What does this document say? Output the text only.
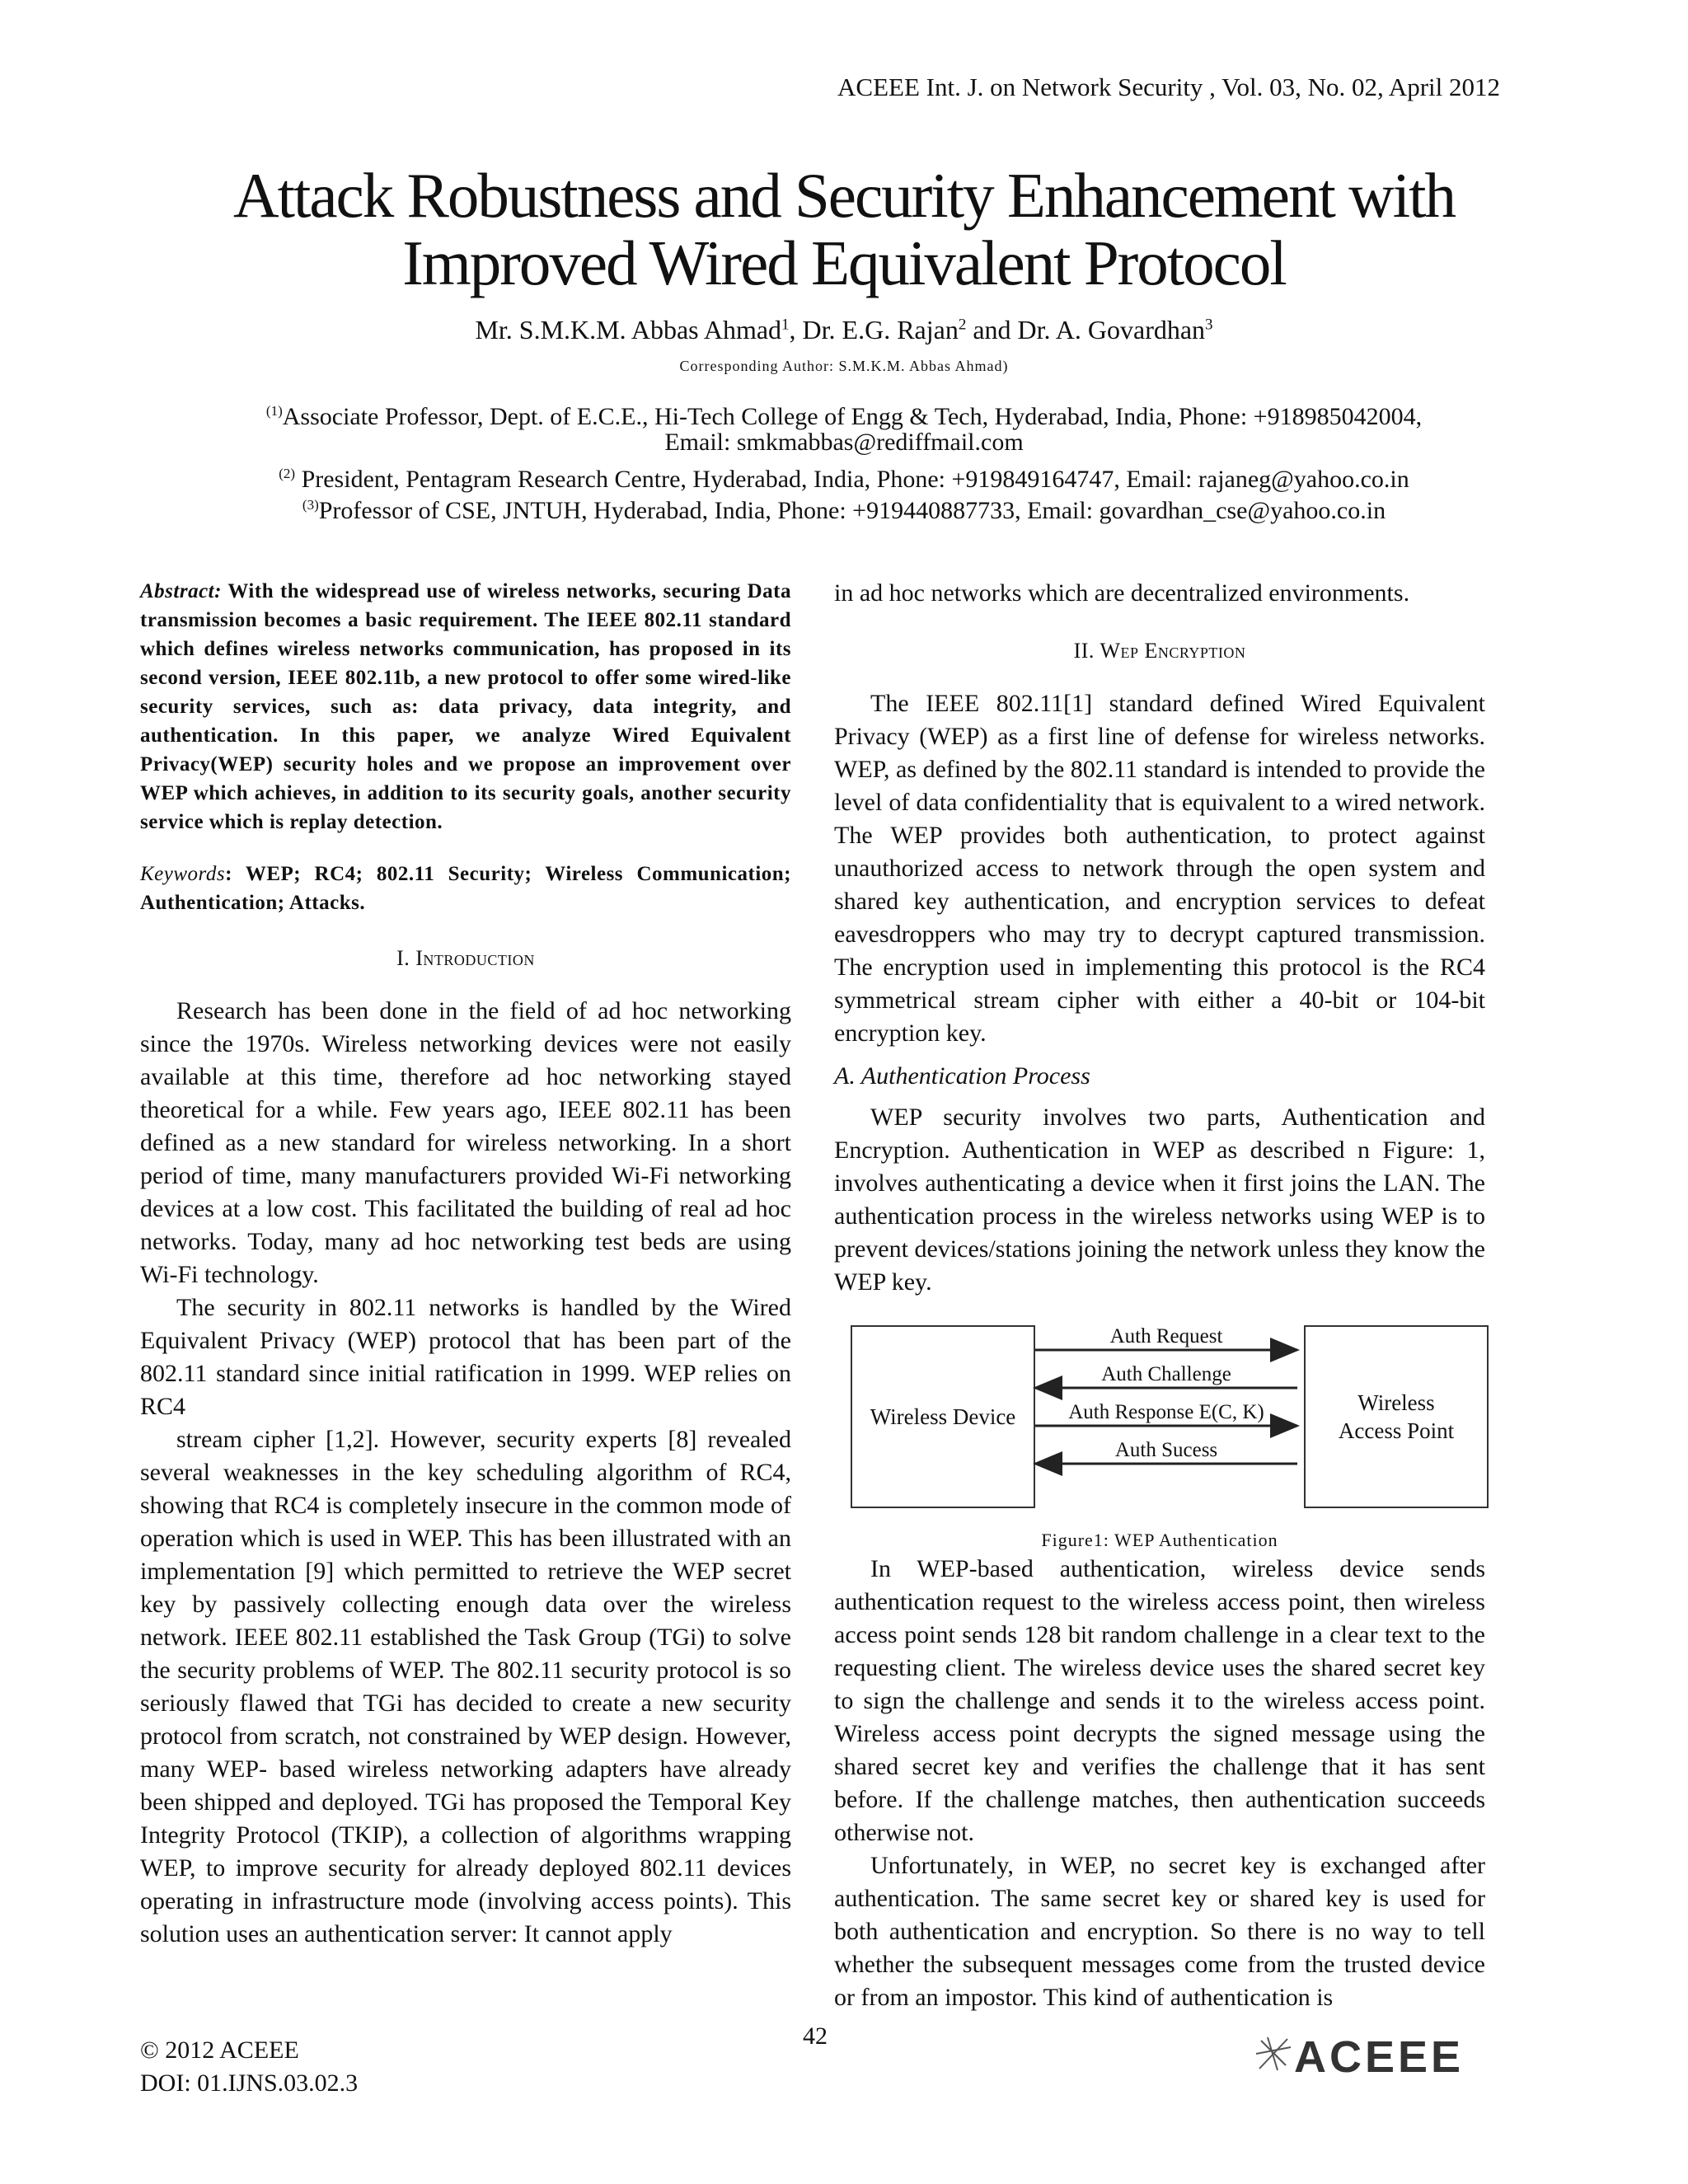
ACEEE Int. J. on Network Security , Vol. 03, No. 02, April 2012
Attack Robustness and Security Enhancement with
Improved Wired Equivalent Protocol
Mr. S.M.K.M. Abbas Ahmad$^1$, Dr. E.G. Rajan$^2$ and Dr. A. Govardhan$^3$
Corresponding Author: S.M.K.M. Abbas Ahmad)
$^{(1)}$Associate Professor, Dept. of E.C.E., Hi-Tech College of Engg & Tech, Hyderabad, India, Phone: +918985042004,
Email: smkmabbas@rediffmail.com
$^{(2)}$ President, Pentagram Research Centre, Hyderabad, India, Phone: +919849164747, Email: rajaneg@yahoo.co.in
$^{(3)}$Professor of CSE, JNTUH, Hyderabad, India, Phone: +919440887733, Email: govardhan_cse@yahoo.co.in

Abstract: With the widespread use of wireless networks, securing Data transmission becomes a basic requirement. The IEEE 802.11 standard which defines wireless networks communication, has proposed in its second version, IEEE 802.11b, a new protocol to offer some wired-like security services, such as: data privacy, data integrity, and authentication. In this paper, we analyze Wired Equivalent Privacy(WEP) security holes and we propose an improvement over WEP which achieves, in addition to its security goals, another security service which is replay detection.

Keywords: WEP; RC4; 802.11 Security; Wireless Communication; Authentication; Attacks.

I. Introduction

Research has been done in the field of ad hoc networking since the 1970s. Wireless networking devices were not easily available at this time, therefore ad hoc networking stayed theoretical for a while. Few years ago, IEEE 802.11 has been defined as a new standard for wireless networking. In a short period of time, many manufacturers provided Wi-Fi networking devices at a low cost. This facilitated the building of real ad hoc networks. Today, many ad hoc networking test beds are using Wi-Fi technology.

The security in 802.11 networks is handled by the Wired Equivalent Privacy (WEP) protocol that has been part of the 802.11 standard since initial ratification in 1999. WEP relies on RC4

stream cipher [1,2]. However, security experts [8] revealed several weaknesses in the key scheduling algorithm of RC4, showing that RC4 is completely insecure in the common mode of operation which is used in WEP. This has been illustrated with an implementation [9] which permitted to retrieve the WEP secret key by passively collecting enough data over the wireless network. IEEE 802.11 established the Task Group (TGi) to solve the security problems of WEP. The 802.11 security protocol is so seriously flawed that TGi has decided to create a new security protocol from scratch, not constrained by WEP design. However, many WEP- based wireless networking adapters have already been shipped and deployed. TGi has proposed the Temporal Key Integrity Protocol (TKIP), a collection of algorithms wrapping WEP, to improve security for already deployed 802.11 devices operating in infrastructure mode (involving access points). This solution uses an authentication server: It cannot apply

in ad hoc networks which are decentralized environments.

II. Wep Encryption

The IEEE 802.11[1] standard defined Wired Equivalent Privacy (WEP) as a first line of defense for wireless networks. WEP, as defined by the 802.11 standard is intended to provide the level of data confidentiality that is equivalent to a wired network. The WEP provides both authentication, to protect against unauthorized access to network through the open system and shared key authentication, and encryption services to defeat eavesdroppers who may try to decrypt captured transmission. The encryption used in implementing this protocol is the RC4 symmetrical stream cipher with either a 40-bit or 104-bit encryption key.

A. Authentication Process

WEP security involves two parts, Authentication and Encryption. Authentication in WEP as described n Figure: 1, involves authenticating a device when it first joins the LAN. The authentication process in the wireless networks using WEP is to prevent devices/stations joining the network unless they know the WEP key.

Wireless Device
Wireless
Access Point
Auth Request
Auth Challenge
Auth Response E(C, K)
Auth Sucess

Figure1: WEP Authentication

In WEP-based authentication, wireless device sends authentication request to the wireless access point, then wireless access point sends 128 bit random challenge in a clear text to the requesting client. The wireless device uses the shared secret key to sign the challenge and sends it to the wireless access point. Wireless access point decrypts the signed message using the shared secret key and verifies the challenge that it has sent before. If the challenge matches, then authentication succeeds otherwise not.

Unfortunately, in WEP, no secret key is exchanged after authentication. The same secret key or shared key is used for both authentication and encryption. So there is no way to tell whether the subsequent messages come from the trusted device or from an impostor. This kind of authentication is

© 2012 ACEEE
DOI: 01.IJNS.03.02.3
42	ACEEE
